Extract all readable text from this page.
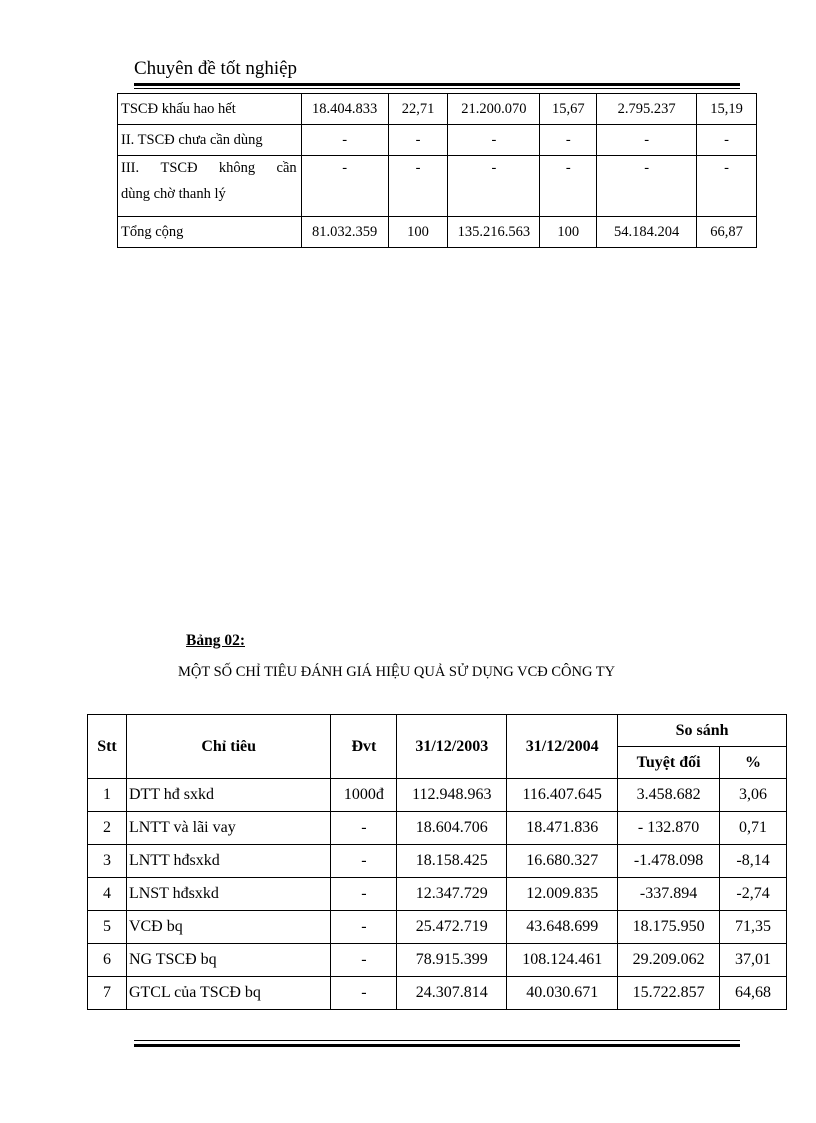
Chuyên đề tốt nghiệp
TSCĐ khấu hao hết	18.404.833	22,71	21.200.070	15,67	2.795.237	15,19
II. TSCĐ chưa cần dùng	-	-	-	-	-	-

III. TSCĐ không cần
dùng chờ thanh lý	-	-	-	-	-	-
Tổng cộng	81.032.359	100	135.216.563	100	54.184.204	66,87
Bảng 02:
MỘT SỐ CHỈ TIÊU ĐÁNH GIÁ HIỆU QUẢ SỬ DỤNG VCĐ CÔNG TY
Stt	Chỉ tiêu	Đvt	31/12/2003	31/12/2004	So sánh	
					Tuyệt đối	%
1	DTT hđ sxkd	1000đ	112.948.963	116.407.645	3.458.682	3,06
2	LNTT và lãi vay	-	18.604.706	18.471.836	- 132.870	0,71
3	LNTT hđsxkd	-	18.158.425	16.680.327	-1.478.098	-8,14
4	LNST hđsxkd	-	12.347.729	12.009.835	-337.894	-2,74
5	VCĐ bq	-	25.472.719	43.648.699	18.175.950	71,35
6	NG TSCĐ bq	-	78.915.399	108.124.461	29.209.062	37,01
7	GTCL của TSCĐ bq	-	24.307.814	40.030.671	15.722.857	64,68
